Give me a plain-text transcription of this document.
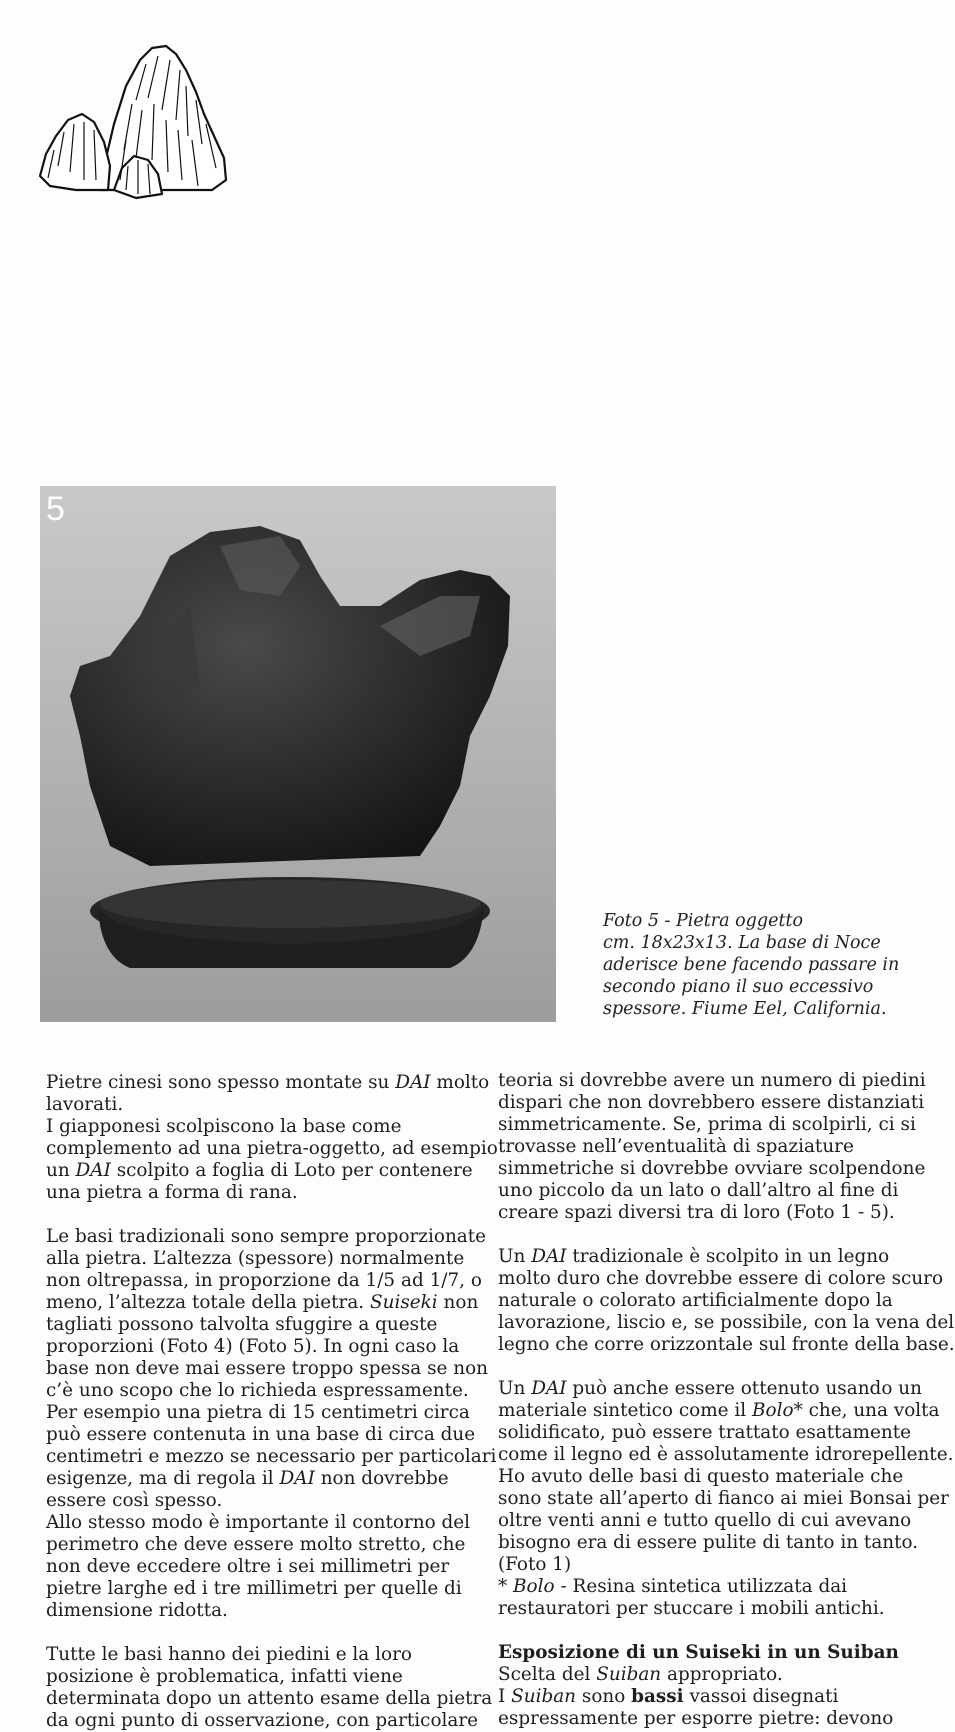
5
Foto 5 - Pietra oggetto
cm. 18x23x13. La base di Noce
aderisce bene facendo passare in
secondo piano il suo eccessivo
spessore. Fiume Eel, California.
Pietre cinesi sono spesso montate su DAI molto
lavorati.
I giapponesi scolpiscono la base come
complemento ad una pietra-oggetto, ad esempio
un DAI scolpito a foglia di Loto per contenere
una pietra a forma di rana.
Le basi tradizionali sono sempre proporzionate
alla pietra. L’altezza (spessore) normalmente
non oltrepassa, in proporzione da 1/5 ad 1/7, o
meno, l’altezza totale della pietra. Suiseki non
tagliati possono talvolta sfuggire a queste
proporzioni (Foto 4) (Foto 5). In ogni caso la
base non deve mai essere troppo spessa se non
c’è uno scopo che lo richieda espressamente.
Per esempio una pietra di 15 centimetri circa
può essere contenuta in una base di circa due
centimetri e mezzo se necessario per particolari
esigenze, ma di regola il DAI non dovrebbe
essere così spesso.
Allo stesso modo è importante il contorno del
perimetro che deve essere molto stretto, che
non deve eccedere oltre i sei millimetri per
pietre larghe ed i tre millimetri per quelle di
dimensione ridotta.
Tutte le basi hanno dei piedini e la loro
posizione è problematica, infatti viene
determinata dopo un attento esame della pietra
da ogni punto di osservazione, con particolare
teoria si dovrebbe avere un numero di piedini
dispari che non dovrebbero essere distanziati
simmetricamente. Se, prima di scolpirli, ci si
trovasse nell’eventualità di spaziature
simmetriche si dovrebbe ovviare scolpendone
uno piccolo da un lato o dall’altro al fine di
creare spazi diversi tra di loro (Foto 1 - 5).
Un DAI tradizionale è scolpito in un legno
molto duro che dovrebbe essere di colore scuro
naturale o colorato artificialmente dopo la
lavorazione, liscio e, se possibile, con la vena del
legno che corre orizzontale sul fronte della base.
Un DAI può anche essere ottenuto usando un
materiale sintetico come il Bolo* che, una volta
solidificato, può essere trattato esattamente
come il legno ed è assolutamente idrorepellente.
Ho avuto delle basi di questo materiale che
sono state all’aperto di fianco ai miei Bonsai per
oltre venti anni e tutto quello di cui avevano
bisogno era di essere pulite di tanto in tanto.
(Foto 1)
* Bolo - Resina sintetica utilizzata dai
restauratori per stuccare i mobili antichi.
Esposizione di un Suiseki in un Suiban
Scelta del Suiban appropriato.
I Suiban sono bassi vassoi disegnati
espressamente per esporre pietre: devono
